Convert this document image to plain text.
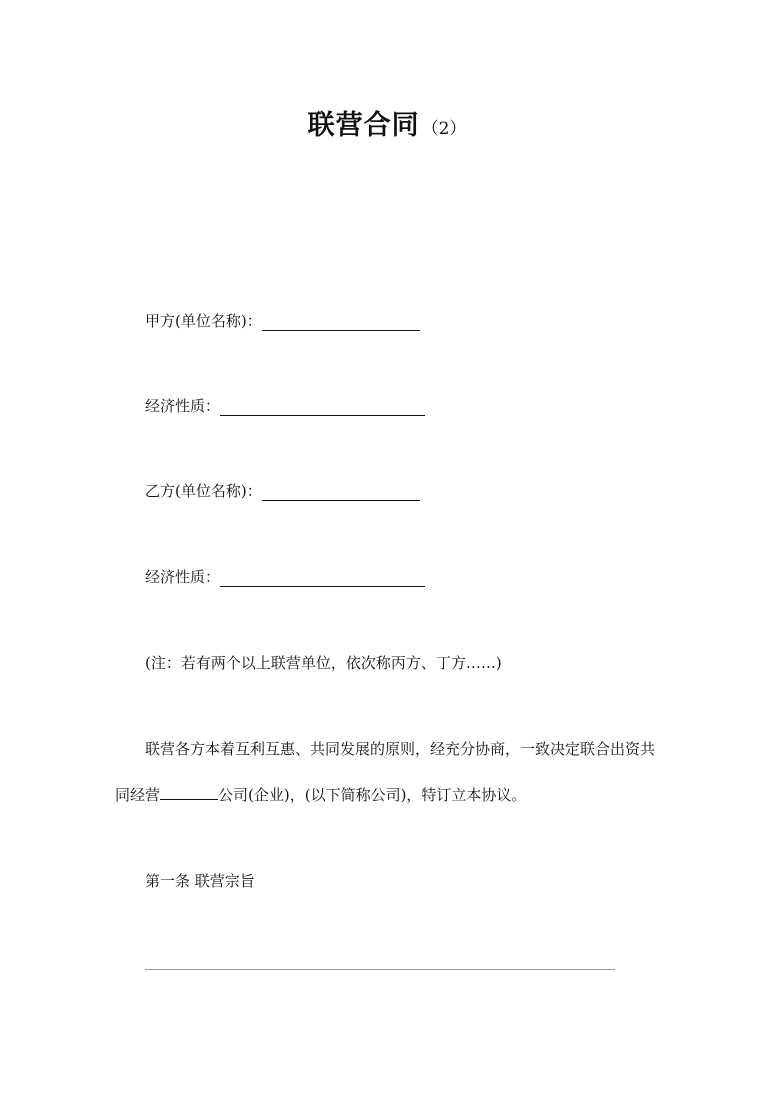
联营合同 （2）
甲方(单位名称)：
经济性质：
乙方(单位名称)：
经济性质：
(注：若有两个以上联营单位，依次称丙方、丁方……)
联营各方本着互利互惠、共同发展的原则，经充分协商，一致决定联合出资共
同经营	公司(企业)，(以下简称公司)，特订立本协议。
第一条 联营宗旨
